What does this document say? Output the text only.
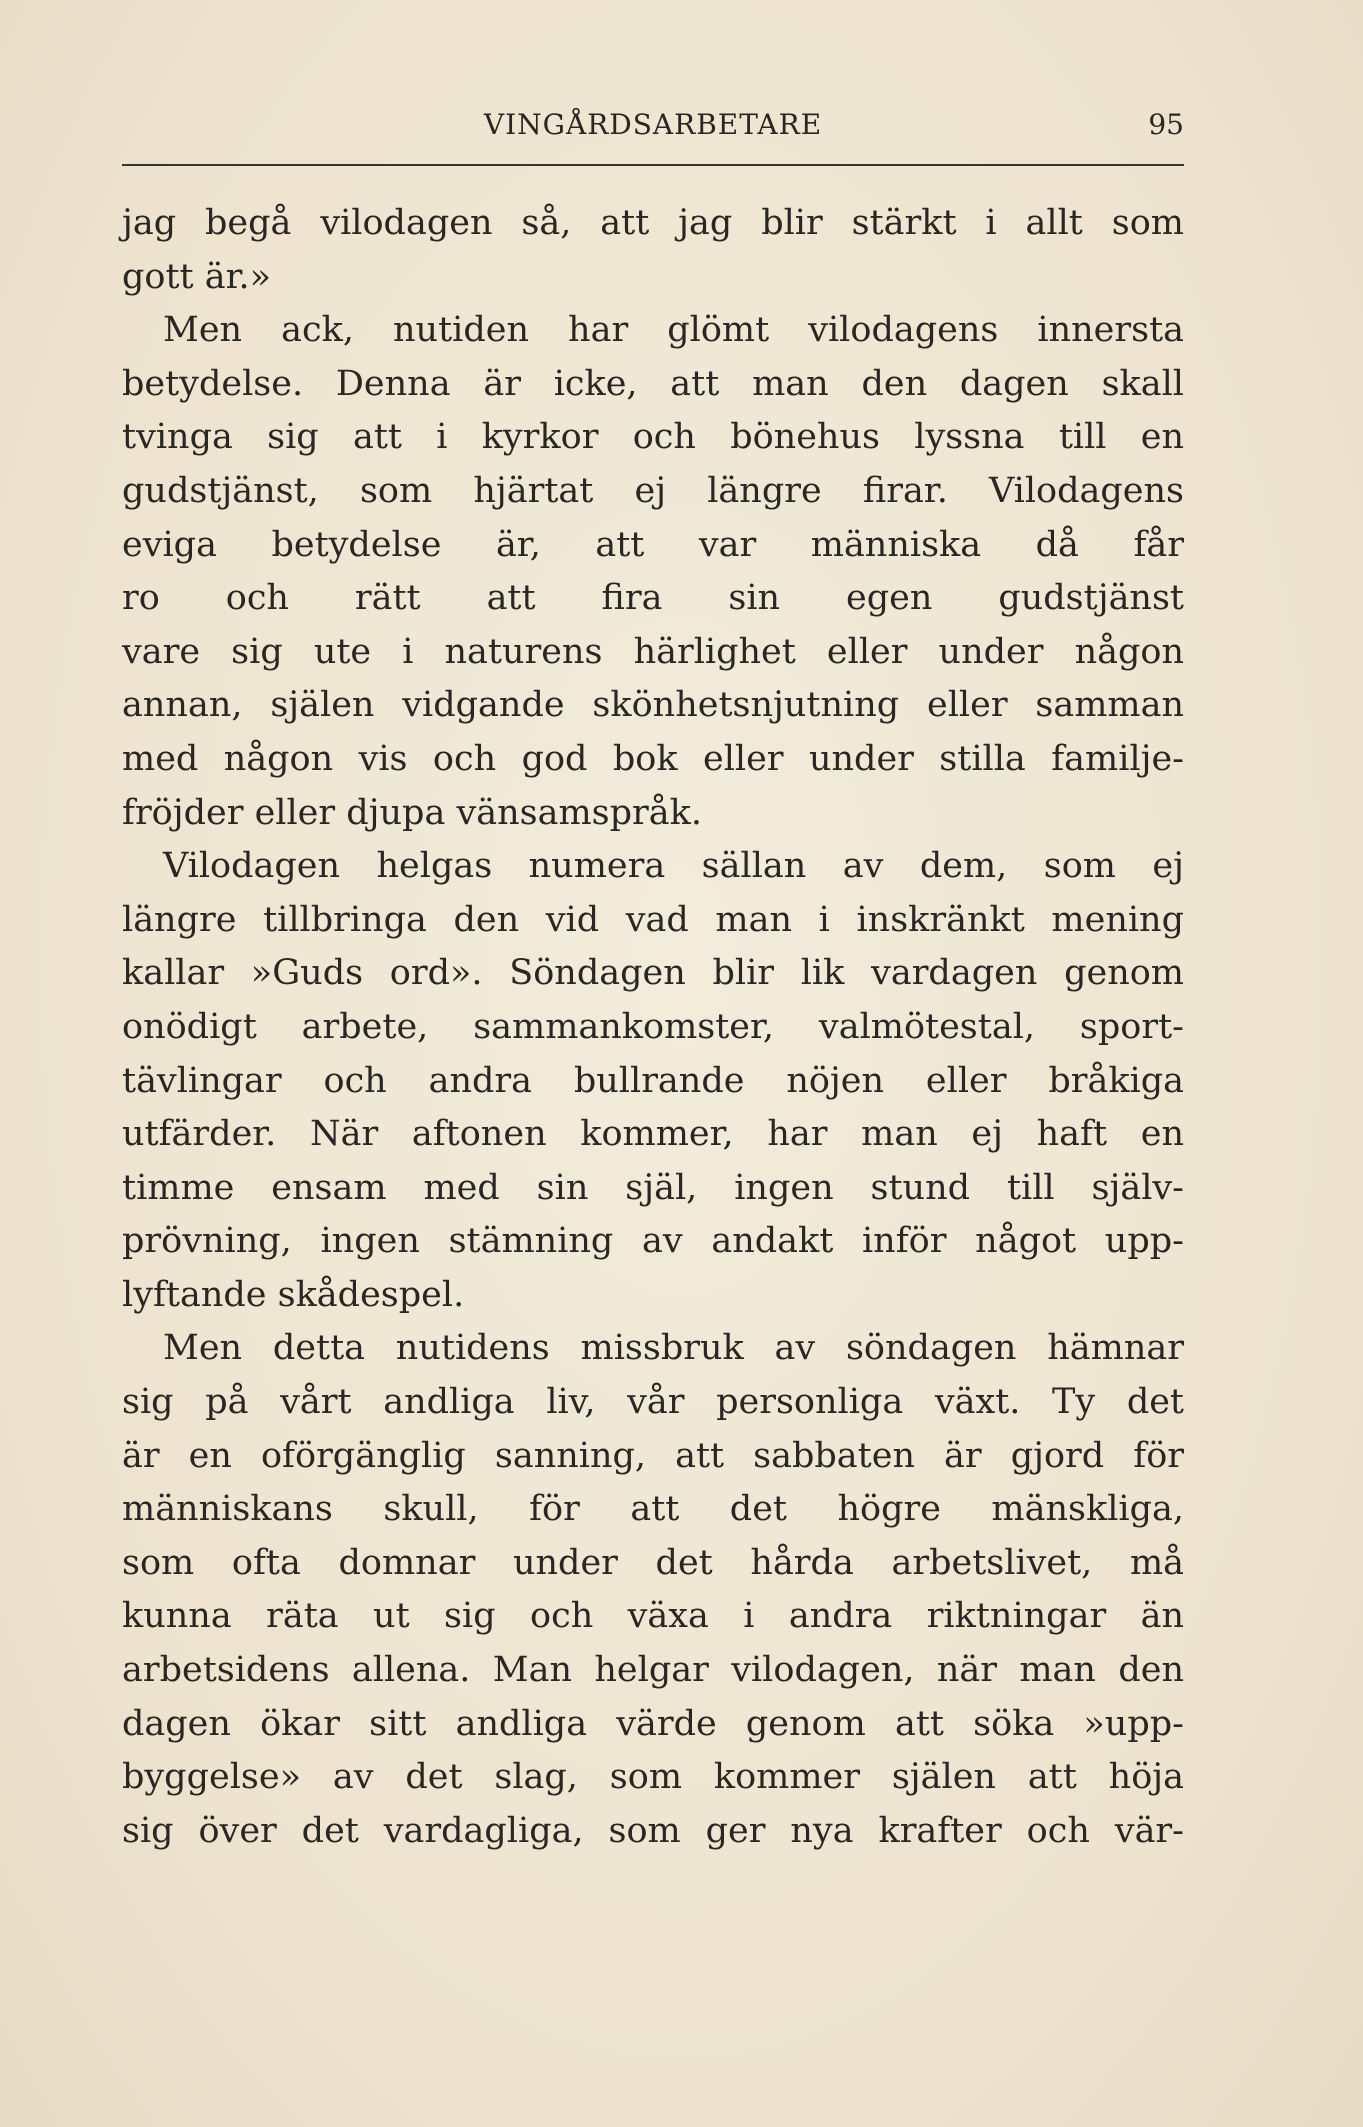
VINGÅRDSARBETARE	95
jag begå vilodagen så, att jag blir stärkt i allt som
gott är.»
Men ack, nutiden har glömt vilodagens innersta
betydelse. Denna är icke, att man den dagen skall
tvinga sig att i kyrkor och bönehus lyssna till en
gudstjänst, som hjärtat ej längre firar. Vilodagens
eviga betydelse är, att var människa då får
ro och rätt att fira sin egen gudstjänst
vare sig ute i naturens härlighet eller under någon
annan, själen vidgande skönhetsnjutning eller samman
med någon vis och god bok eller under stilla familje-
fröjder eller djupa vänsamspråk.
Vilodagen helgas numera sällan av dem, som ej
längre tillbringa den vid vad man i inskränkt mening
kallar »Guds ord». Söndagen blir lik vardagen genom
onödigt arbete, sammankomster, valmötestal, sport-
tävlingar och andra bullrande nöjen eller bråkiga
utfärder. När aftonen kommer, har man ej haft en
timme ensam med sin själ, ingen stund till själv-
prövning, ingen stämning av andakt inför något upp-
lyftande skådespel.
Men detta nutidens missbruk av söndagen hämnar
sig på vårt andliga liv, vår personliga växt. Ty det
är en oförgänglig sanning, att sabbaten är gjord för
människans skull, för att det högre mänskliga,
som ofta domnar under det hårda arbetslivet, må
kunna räta ut sig och växa i andra riktningar än
arbetsidens allena. Man helgar vilodagen, när man den
dagen ökar sitt andliga värde genom att söka »upp-
byggelse» av det slag, som kommer själen att höja
sig över det vardagliga, som ger nya krafter och vär-
